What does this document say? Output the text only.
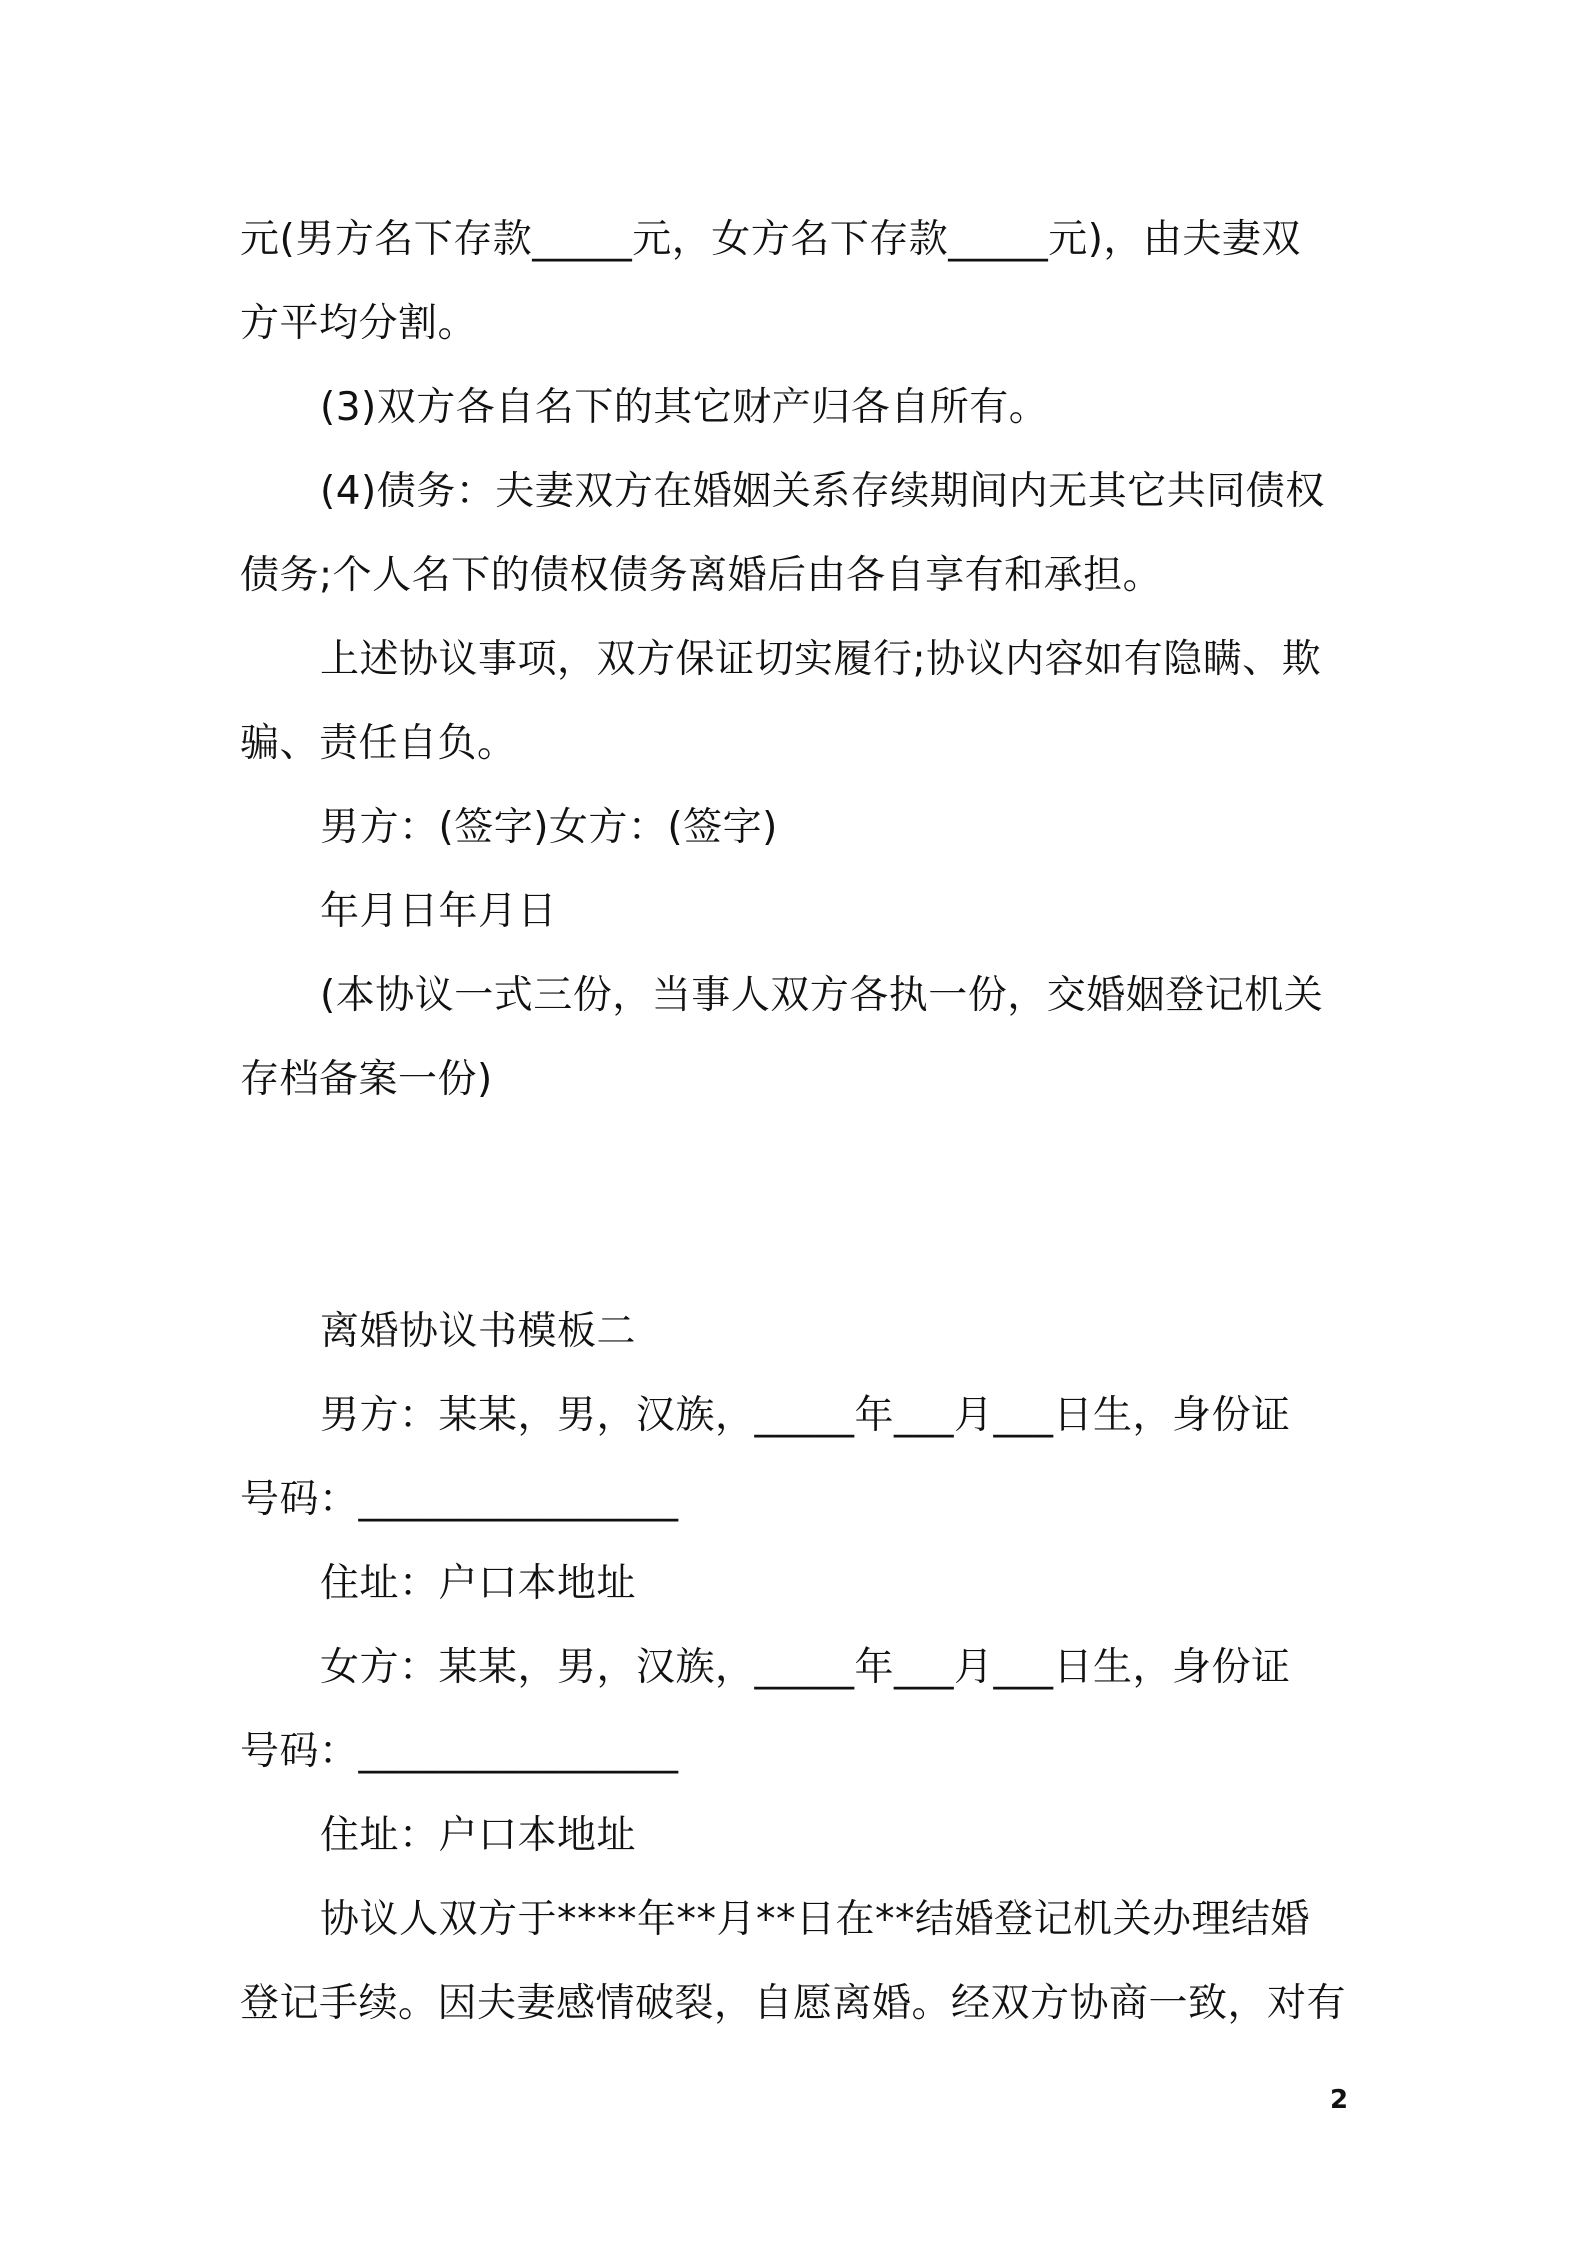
元(男方名下存款_____元，女方名下存款_____元)，由夫妻双
方平均分割。
(3)双方各自名下的其它财产归各自所有。
(4)债务：夫妻双方在婚姻关系存续期间内无其它共同债权
债务;个人名下的债权债务离婚后由各自享有和承担。
上述协议事项，双方保证切实履行;协议内容如有隐瞒、欺
骗、责任自负。
男方：(签字)女方：(签字)
年月日年月日
(本协议一式三份，当事人双方各执一份，交婚姻登记机关
存档备案一份)
离婚协议书模板二
男方：某某，男，汉族，_____年___月___日生，身份证
号码：________________
住址：户口本地址
女方：某某，男，汉族，_____年___月___日生，身份证
号码：________________
住址：户口本地址
协议人双方于****年**月**日在**结婚登记机关办理结婚
登记手续。因夫妻感情破裂，自愿离婚。经双方协商一致，对有
2
